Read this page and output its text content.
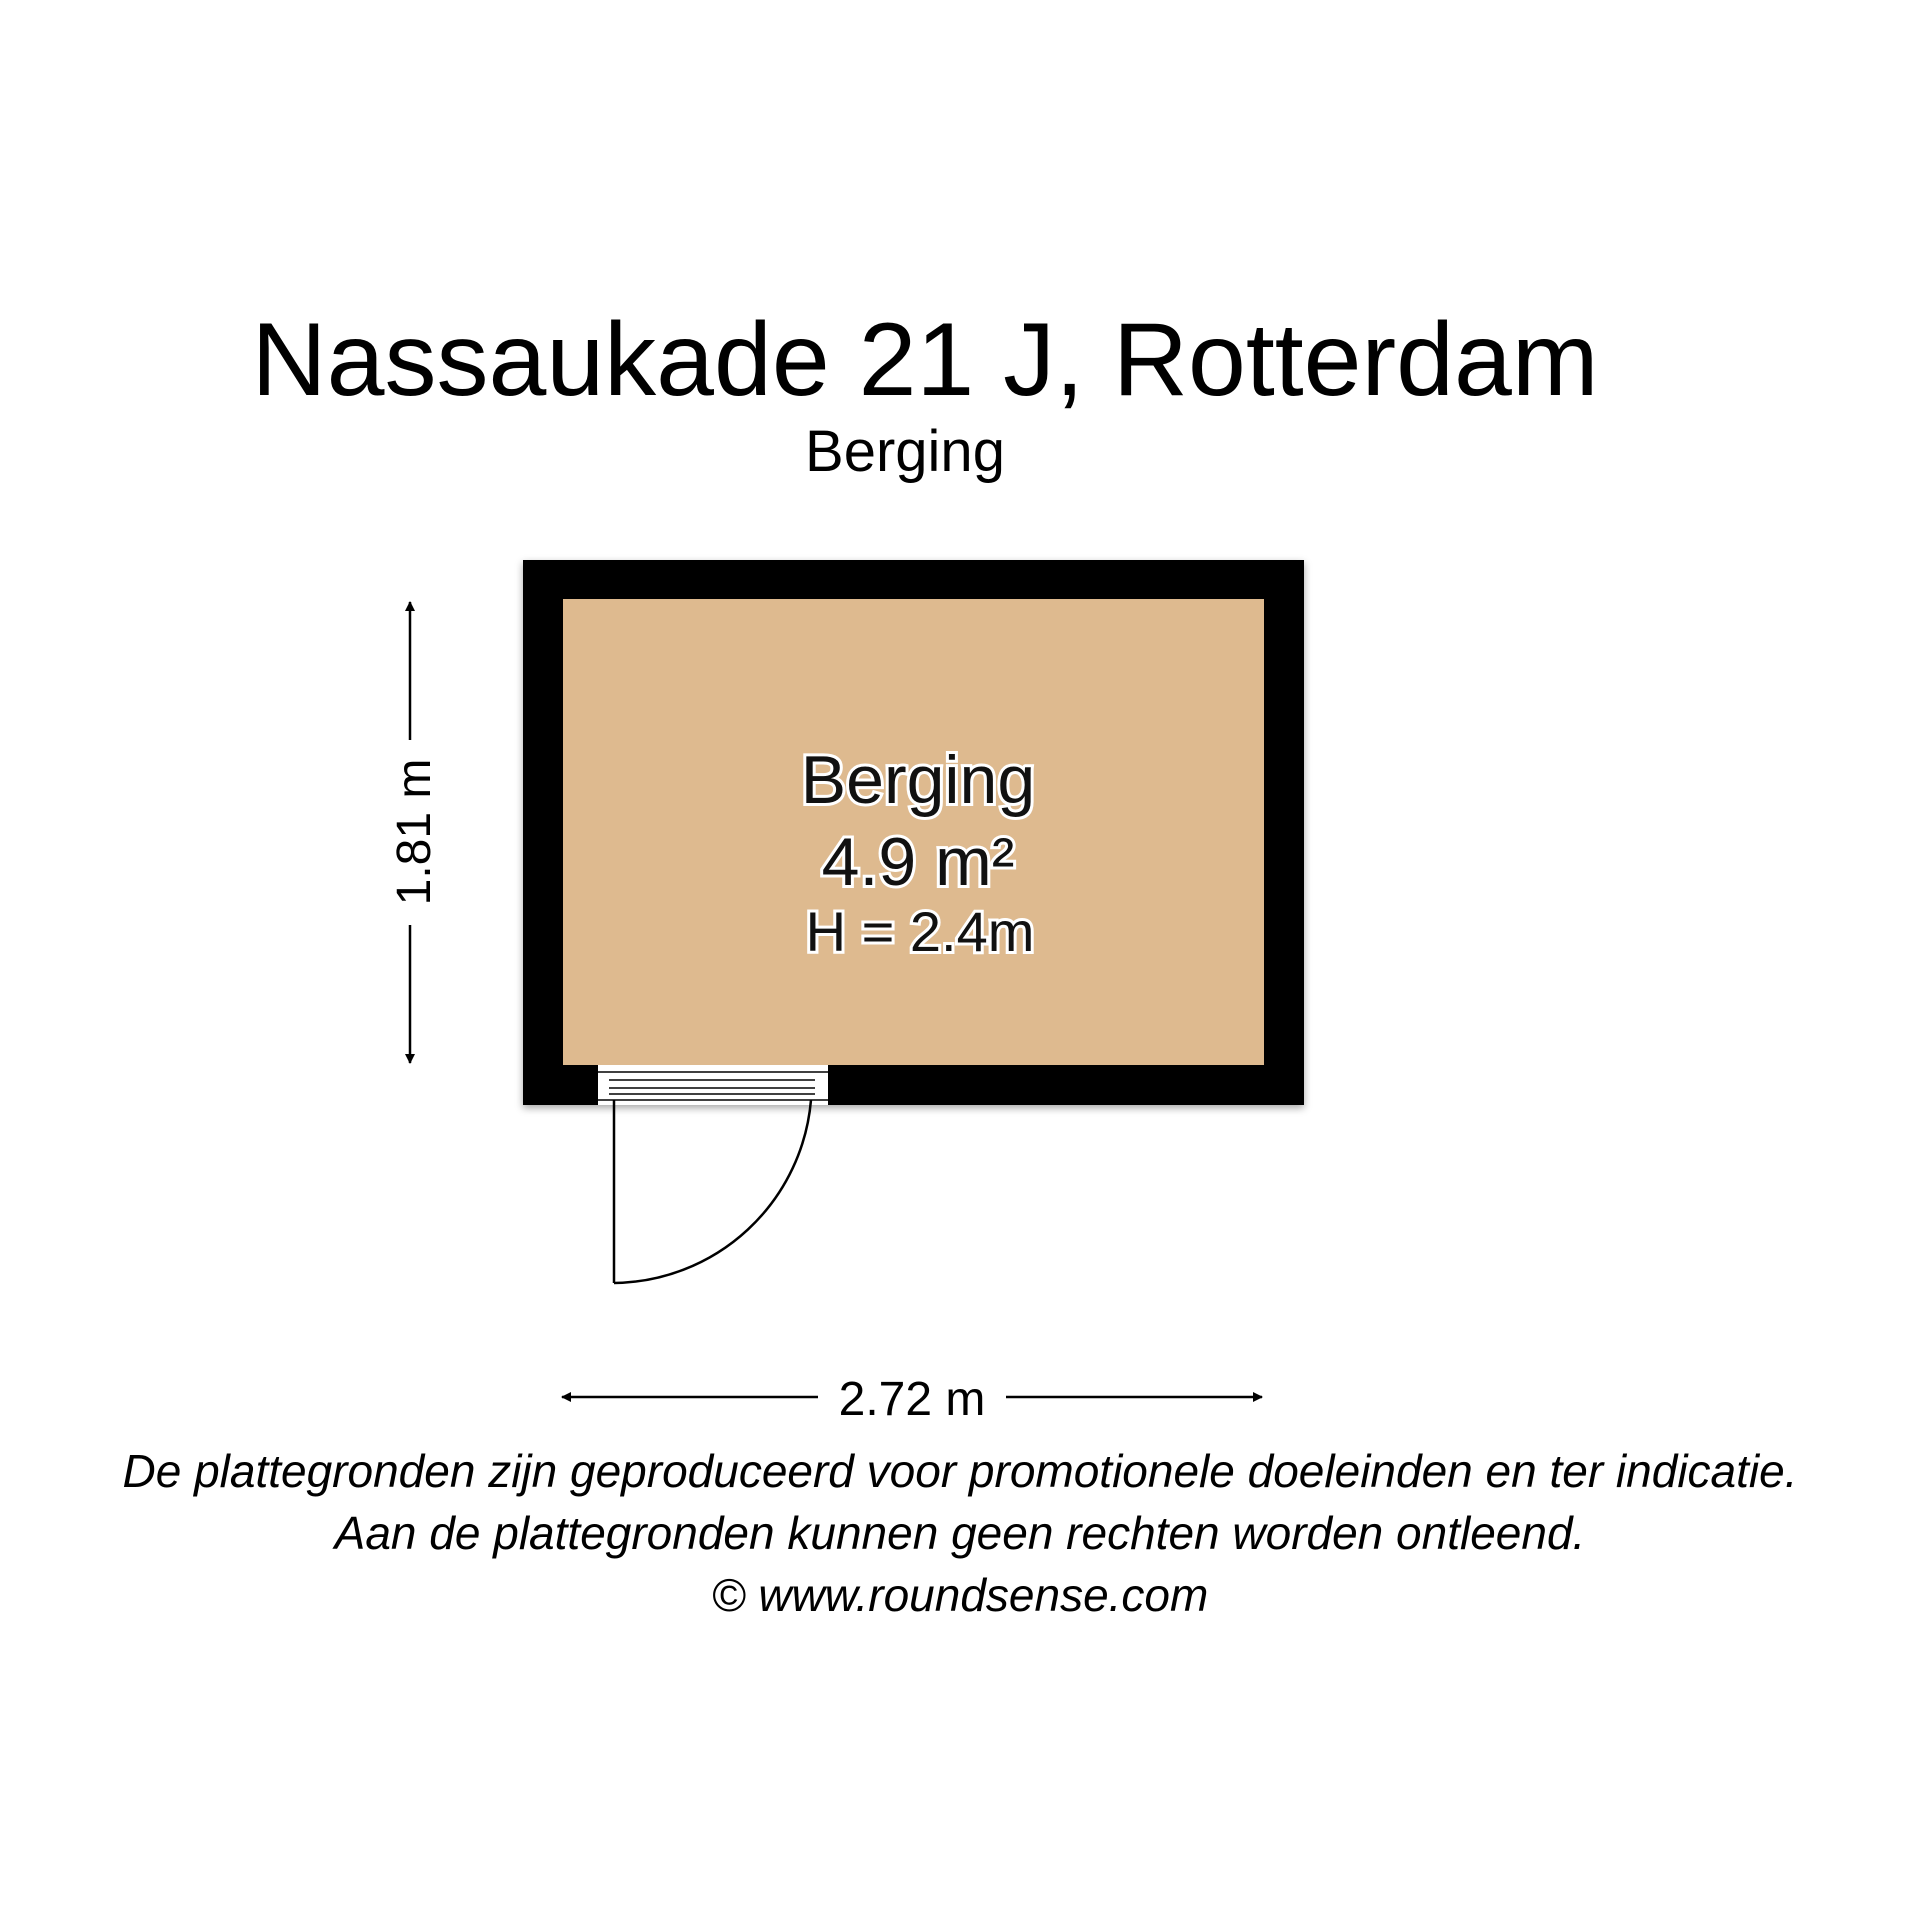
Nassaukade 21 J, Rotterdam
Berging
Berging
4.9 m²
H = 2.4m
1.81 m
2.72 m
De plattegronden zijn geproduceerd voor promotionele doeleinden en ter indicatie.
Aan de plattegronden kunnen geen rechten worden ontleend.
© www.roundsense.com
